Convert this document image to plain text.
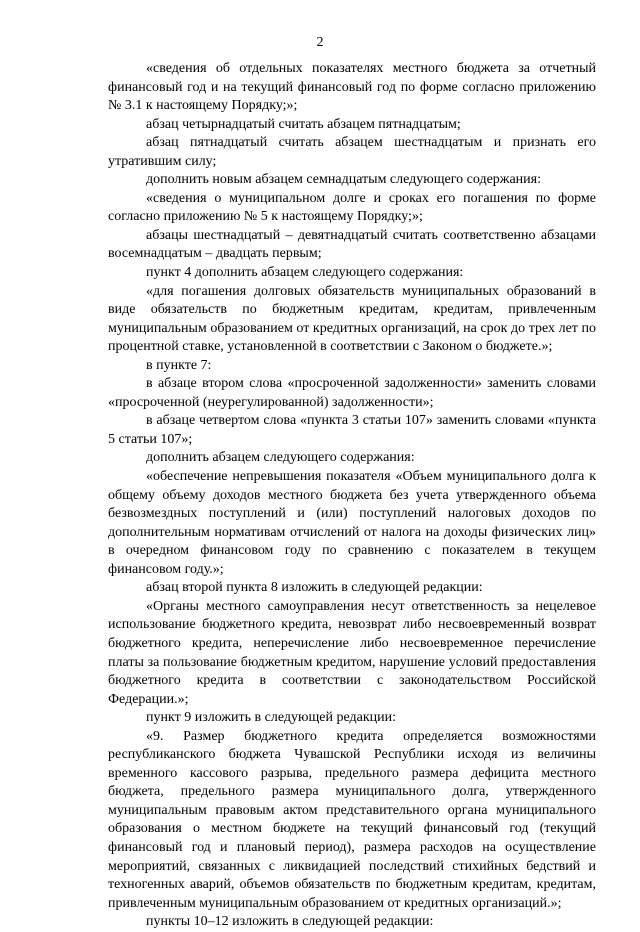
2

«сведения об отдельных показателях местного бюджета за отчетный финансовый год и на текущий финансовый год по форме согласно приложению № 3.1 к настоящему Порядку;»;

абзац четырнадцатый считать абзацем пятнадцатым;

абзац пятнадцатый считать абзацем шестнадцатым и признать его утратившим силу;

дополнить новым абзацем семнадцатым следующего содержания:

«сведения о муниципальном долге и сроках его погашения по форме согласно приложению № 5 к настоящему Порядку;»;

абзацы шестнадцатый – девятнадцатый считать соответственно абзацами восемнадцатым – двадцать первым;

пункт 4 дополнить абзацем следующего содержания:

«для погашения долговых обязательств муниципальных образований в виде обязательств по бюджетным кредитам, кредитам, привлеченным муниципальным образованием от кредитных организаций, на срок до трех лет по процентной ставке, установленной в соответствии с Законом о бюджете.»;

в пункте 7:

в абзаце втором слова «просроченной задолженности» заменить словами «просроченной (неурегулированной) задолженности»;

в абзаце четвертом слова «пункта 3 статьи 107» заменить словами «пункта 5 статьи 107»;

дополнить абзацем следующего содержания:

«обеспечение непревышения показателя «Объем муниципального долга к общему объему доходов местного бюджета без учета утвержденного объема безвозмездных поступлений и (или) поступлений налоговых доходов по дополнительным нормативам отчислений от налога на доходы физических лиц» в очередном финансовом году по сравнению с показателем в текущем финансовом году.»;

абзац второй пункта 8 изложить в следующей редакции:

«Органы местного самоуправления несут ответственность за нецелевое использование бюджетного кредита, невозврат либо несвоевременный возврат бюджетного кредита, неперечисление либо несвоевременное перечисление платы за пользование бюджетным кредитом, нарушение условий предоставления бюджетного кредита в соответствии с законодательством Российской Федерации.»;

пункт 9 изложить в следующей редакции:

«9. Размер бюджетного кредита определяется возможностями республиканского бюджета Чувашской Республики исходя из величины временного кассового разрыва, предельного размера дефицита местного бюджета, предельного размера муниципального долга, утвержденного муниципальным правовым актом представительного органа муниципального образования о местном бюджете на текущий финансовый год (текущий финансовый год и плановый период), размера расходов на осуществление мероприятий, связанных с ликвидацией последствий стихийных бедствий и техногенных аварий, объемов обязательств по бюджетным кредитам, кредитам, привлеченным муниципальным образованием от кредитных организаций.»;

пункты 10–12 изложить в следующей редакции:
